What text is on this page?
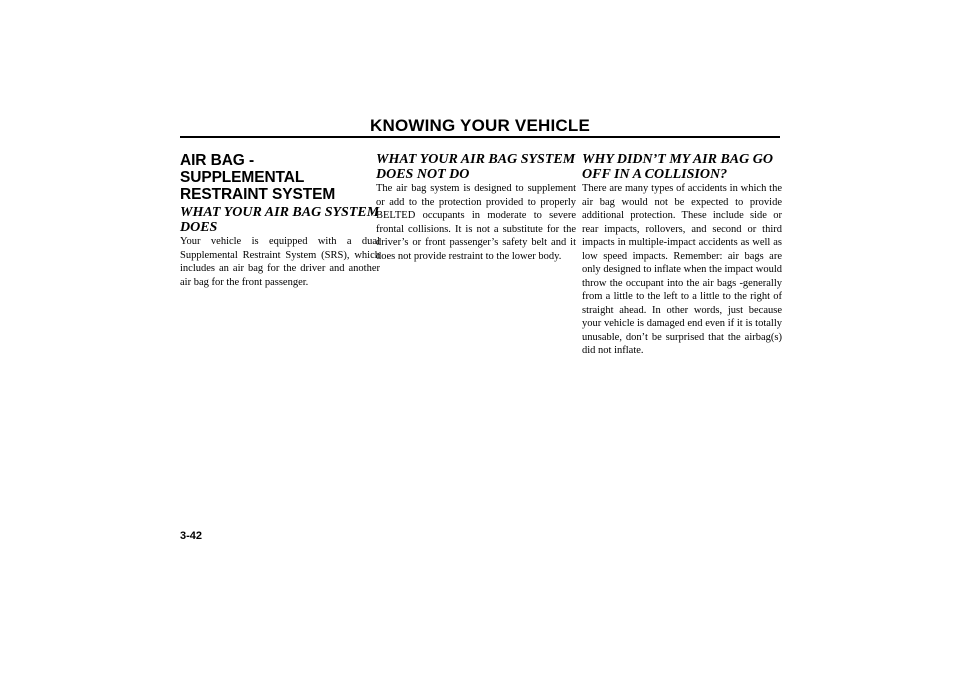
KNOWING YOUR VEHICLE
AIR BAG - SUPPLEMENTAL RESTRAINT SYSTEM
WHAT YOUR AIR BAG SYSTEM DOES

Your vehicle is equipped with a dual Supplemental Restraint System (SRS), which includes an air bag for the driver and another air bag for the front passenger.

WHAT YOUR AIR BAG SYSTEM DOES NOT DO

The air bag system is designed to supplement or add to the protection provided to properly BELTED occupants in moderate to severe frontal collisions. It is not a substitute for the driver’s or front passenger’s safety belt and it does not provide restraint to the lower body.

WHY DIDN’T MY AIR BAG GO OFF IN A COLLISION?

There are many types of accidents in which the air bag would not be expected to provide additional protection. These include side or rear impacts, rollovers, and second or third impacts in multiple-impact accidents as well as low speed impacts. Remember: air bags are only designed to inflate when the impact would throw the occupant into the air bags -generally from a little to the left to a little to the right of straight ahead. In other words, just because your vehicle is damaged end even if it is totally unusable, don’t be surprised that the airbag(s) did not inflate.

3-42
